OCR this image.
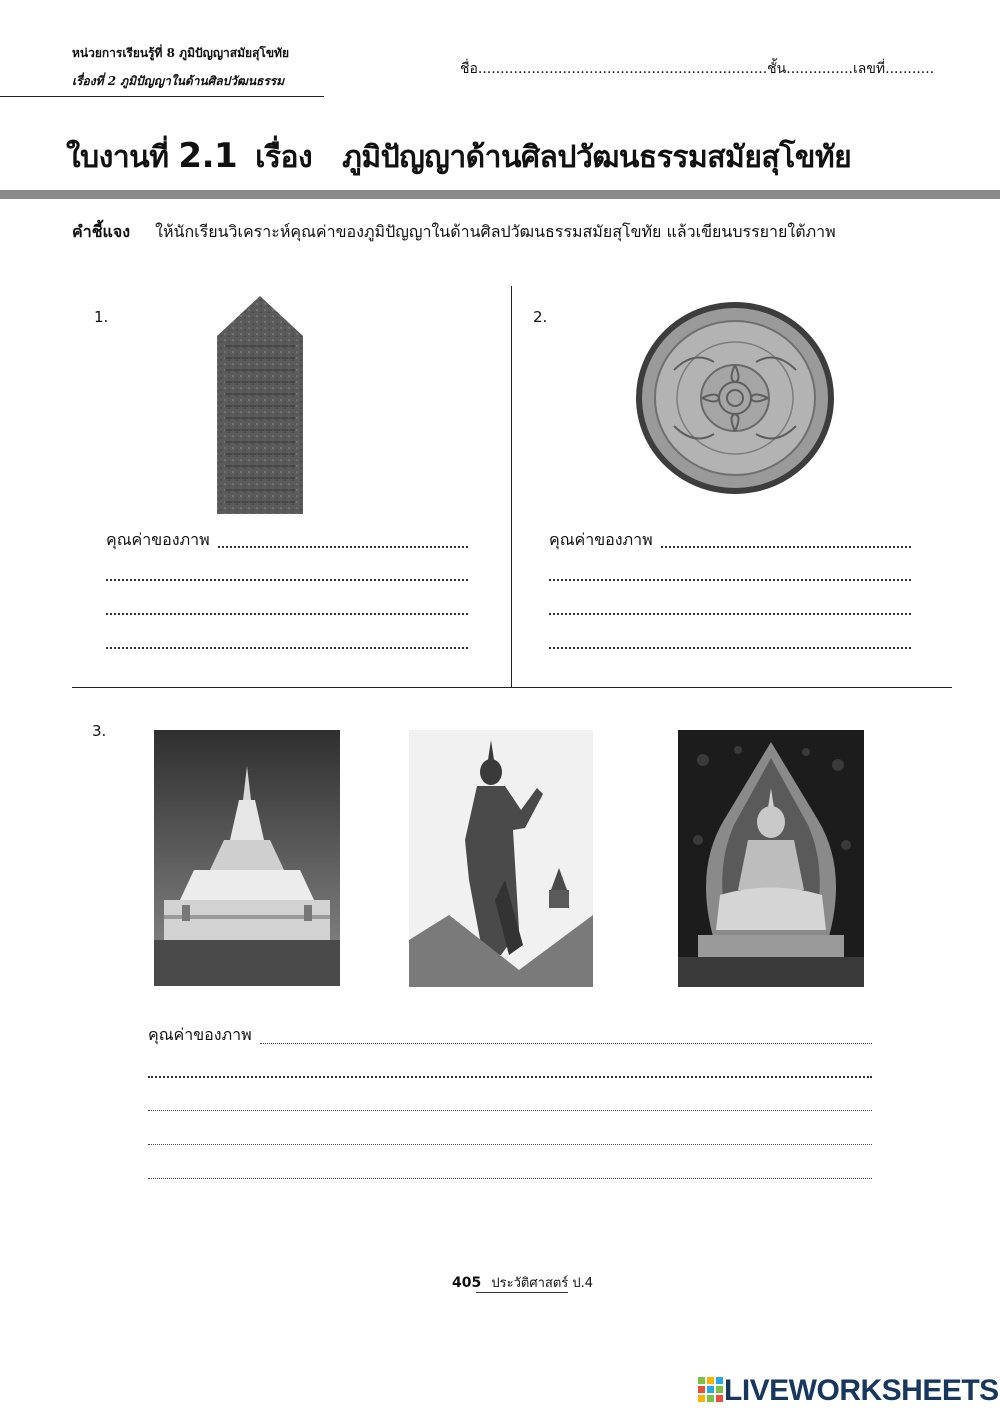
หน่วยการเรียนรู้ที่ 8 ภูมิปัญญาสมัยสุโขทัย
เรื่องที่ 2 ภูมิปัญญาในด้านศิลปวัฒนธรรม
ชื่อ.................................................................ชั้น...............เลขที่...........
ใบงานที่ 2.1 เรื่อง ภูมิปัญญาด้านศิลปวัฒนธรรมสมัยสุโขทัย
คำชี้แจง ให้นักเรียนวิเคราะห์คุณค่าของภูมิปัญญาในด้านศิลปวัฒนธรรมสมัยสุโขทัย แล้วเขียนบรรยายใต้ภาพ
1.
คุณค่าของภาพ
2.
คุณค่าของภาพ
3.
คุณค่าของภาพ
405 ประวัติศาสตร์ ป.4
LIVEWORKSHEETS
